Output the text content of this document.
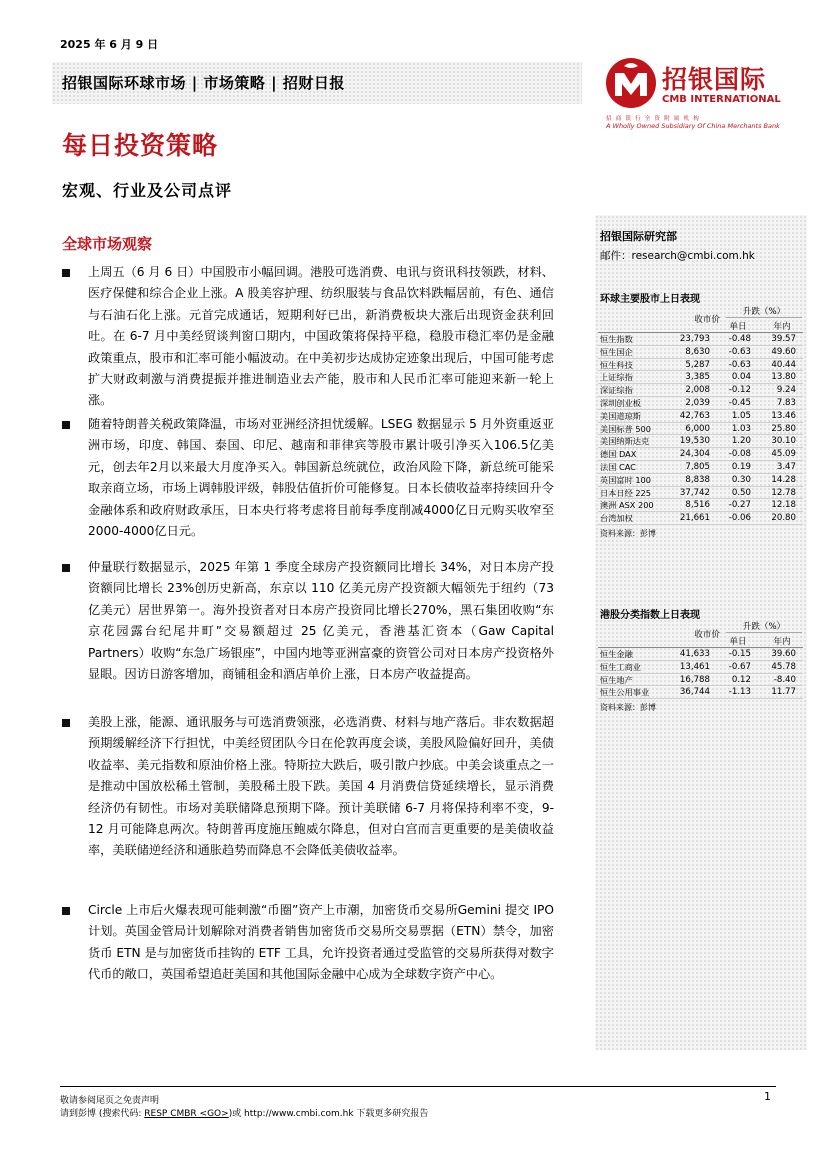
2025 年 6 月 9 日
招银国际环球市场 | 市场策略 | 招财日报	招银国际
CMB INTERNATIONAL
招商银行全资附属机构
A Wholly Owned Subsidiary Of China Merchants Bank
每日投资策略
宏观、行业及公司点评
全球市场观察
上周五（6 月 6 日）中国股市小幅回调。港股可选消费、电讯与资讯科技领跌，材料、医疗保健和综合企业上涨。A 股美容护理、纺织服装与食品饮料跌幅居前，有色、通信与石油石化上涨。元首完成通话，短期利好已出，新消费板块大涨后出现资金获利回吐。在 6-7 月中美经贸谈判窗口期内，中国政策将保持平稳，稳股市稳汇率仍是金融政策重点，股市和汇率可能小幅波动。在中美初步达成协定迹象出现后，中国可能考虑扩大财政刺激与消费提振并推进制造业去产能，股市和人民币汇率可能迎来新一轮上涨。
随着特朗普关税政策降温，市场对亚洲经济担忧缓解。LSEG 数据显示 5 月外资重返亚洲市场，印度、韩国、泰国、印尼、越南和菲律宾等股市累计吸引净买入106.5亿美元，创去年2月以来最大月度净买入。韩国新总统就位，政治风险下降，新总统可能采取亲商立场，市场上调韩股评级，韩股估值折价可能修复。日本长债收益率持续回升令金融体系和政府财政承压，日本央行将考虑将目前每季度削减4000亿日元购买收窄至2000-4000亿日元。
仲量联行数据显示，2025 年第 1 季度全球房产投资额同比增长 34%，对日本房产投资额同比增长 23%创历史新高，东京以 110 亿美元房产投资额大幅领先于纽约（73 亿美元）居世界第一。海外投资者对日本房产投资同比增长270%，黑石集团收购“东京花园露台纪尾井町”交易额超过 25 亿美元，香港基汇资本（Gaw Capital Partners）收购“东急广场银座”，中国内地等亚洲富豪的资管公司对日本房产投资格外显眼。因访日游客增加，商铺租金和酒店单价上涨，日本房产收益提高。
美股上涨，能源、通讯服务与可选消费领涨，必选消费、材料与地产落后。非农数据超预期缓解经济下行担忧，中美经贸团队今日在伦敦再度会谈，美股风险偏好回升，美债收益率、美元指数和原油价格上涨。特斯拉大跌后，吸引散户抄底。中美会谈重点之一是推动中国放松稀土管制，美股稀土股下跌。美国 4 月消费信贷延续增长，显示消费经济仍有韧性。市场对美联储降息预期下降。预计美联储 6-7 月将保持利率不变，9-12 月可能降息两次。特朗普再度施压鲍威尔降息，但对白宫而言更重要的是美债收益率，美联储逆经济和通胀趋势而降息不会降低美债收益率。
Circle 上市后火爆表现可能刺激“币圈”资产上市潮，加密货币交易所Gemini 提交 IPO 计划。英国金管局计划解除对消费者销售加密货币交易所交易票据（ETN）禁令，加密货币 ETN 是与加密货币挂钩的 ETF 工具，允许投资者通过受监管的交易所获得对数字代币的敞口，英国希望追赶美国和其他国际金融中心成为全球数字资产中心。
招银国际研究部
邮件：research@cmbi.com.hk
环球主要股市上日表现
升跌（%）
收市价
单日	年内
恒生指数	23,793	-0.48	39.57
恒生国企	8,630	-0.63	49.60
恒生科技	5,287	-0.63	40.44
上证综指	3,385	0.04	13.80
深证综指	2,008	-0.12	9.24
深圳创业板	2,039	-0.45	7.83
美国道琼斯	42,763	1.05	13.46
美国标普 500	6,000	1.03	25.80
美国纳斯达克	19,530	1.20	30.10
德国 DAX	24,304	-0.08	45.09
法国 CAC	7,805	0.19	3.47
英国富时 100	8,838	0.30	14.28
日本日经 225	37,742	0.50	12.78
澳洲 ASX 200	8,516	-0.27	12.18
台湾加权	21,661	-0.06	20.80
资料来源：彭博
港股分类指数上日表现
升跌（%）
收市价
单日	年内
恒生金融	41,633	-0.15	39.60
恒生工商业	13,461	-0.67	45.78
恒生地产	16,788	0.12	-8.40
恒生公用事业	36,744	-1.13	11.77
资料来源：彭博
敬请参阅尾页之免责声明	1
请到彭博 (搜索代码: RESP CMBR <GO>)或 http://www.cmbi.com.hk 下载更多研究报告
